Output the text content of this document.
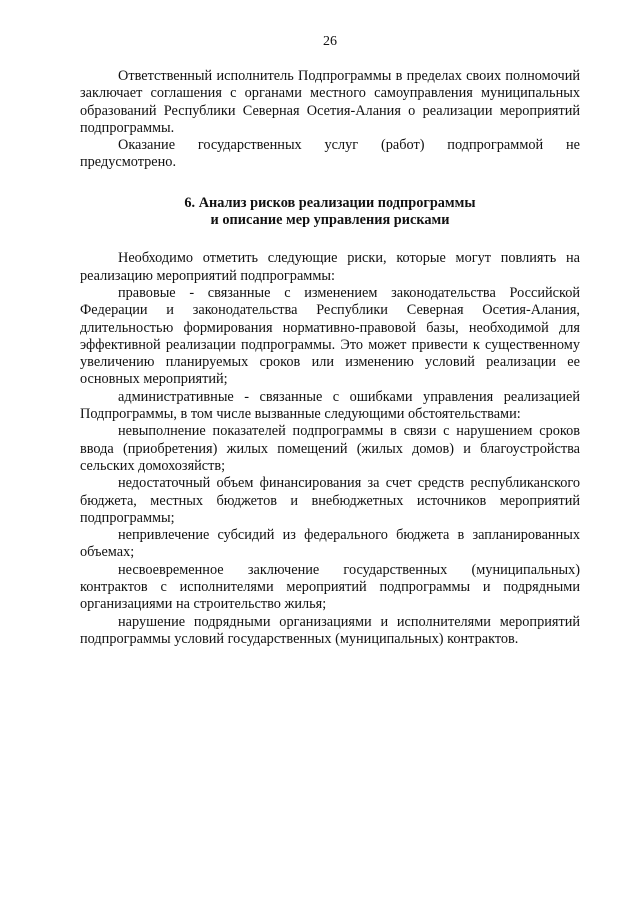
26

Ответственный исполнитель Подпрограммы в пределах своих полномочий заключает соглашения с органами местного самоуправления муниципальных образований Республики Северная Осетия-Алания о реализации мероприятий подпрограммы.

Оказание государственных услуг (работ) подпрограммой не предусмотрено.

6. Анализ рисков реализации подпрограммы
и описание мер управления рисками

Необходимо отметить следующие риски, которые могут повлиять на реализацию мероприятий подпрограммы:

правовые - связанные с изменением законодательства Российской Федерации и законодательства Республики Северная Осетия-Алания, длительностью формирования нормативно-правовой базы, необходимой для эффективной реализации подпрограммы. Это может привести к существенному увеличению планируемых сроков или изменению условий реализации ее основных мероприятий;

административные - связанные с ошибками управления реализацией Подпрограммы, в том числе вызванные следующими обстоятельствами:

невыполнение показателей подпрограммы в связи с нарушением сроков ввода (приобретения) жилых помещений (жилых домов) и благоустройства сельских домохозяйств;

недостаточный объем финансирования за счет средств республиканского бюджета, местных бюджетов и внебюджетных источников мероприятий подпрограммы;

непривлечение субсидий из федерального бюджета в запланированных объемах;

несвоевременное заключение государственных (муниципальных) контрактов с исполнителями мероприятий подпрограммы и подрядными организациями на строительство жилья;

нарушение подрядными организациями и исполнителями мероприятий подпрограммы условий государственных (муниципальных) контрактов.
